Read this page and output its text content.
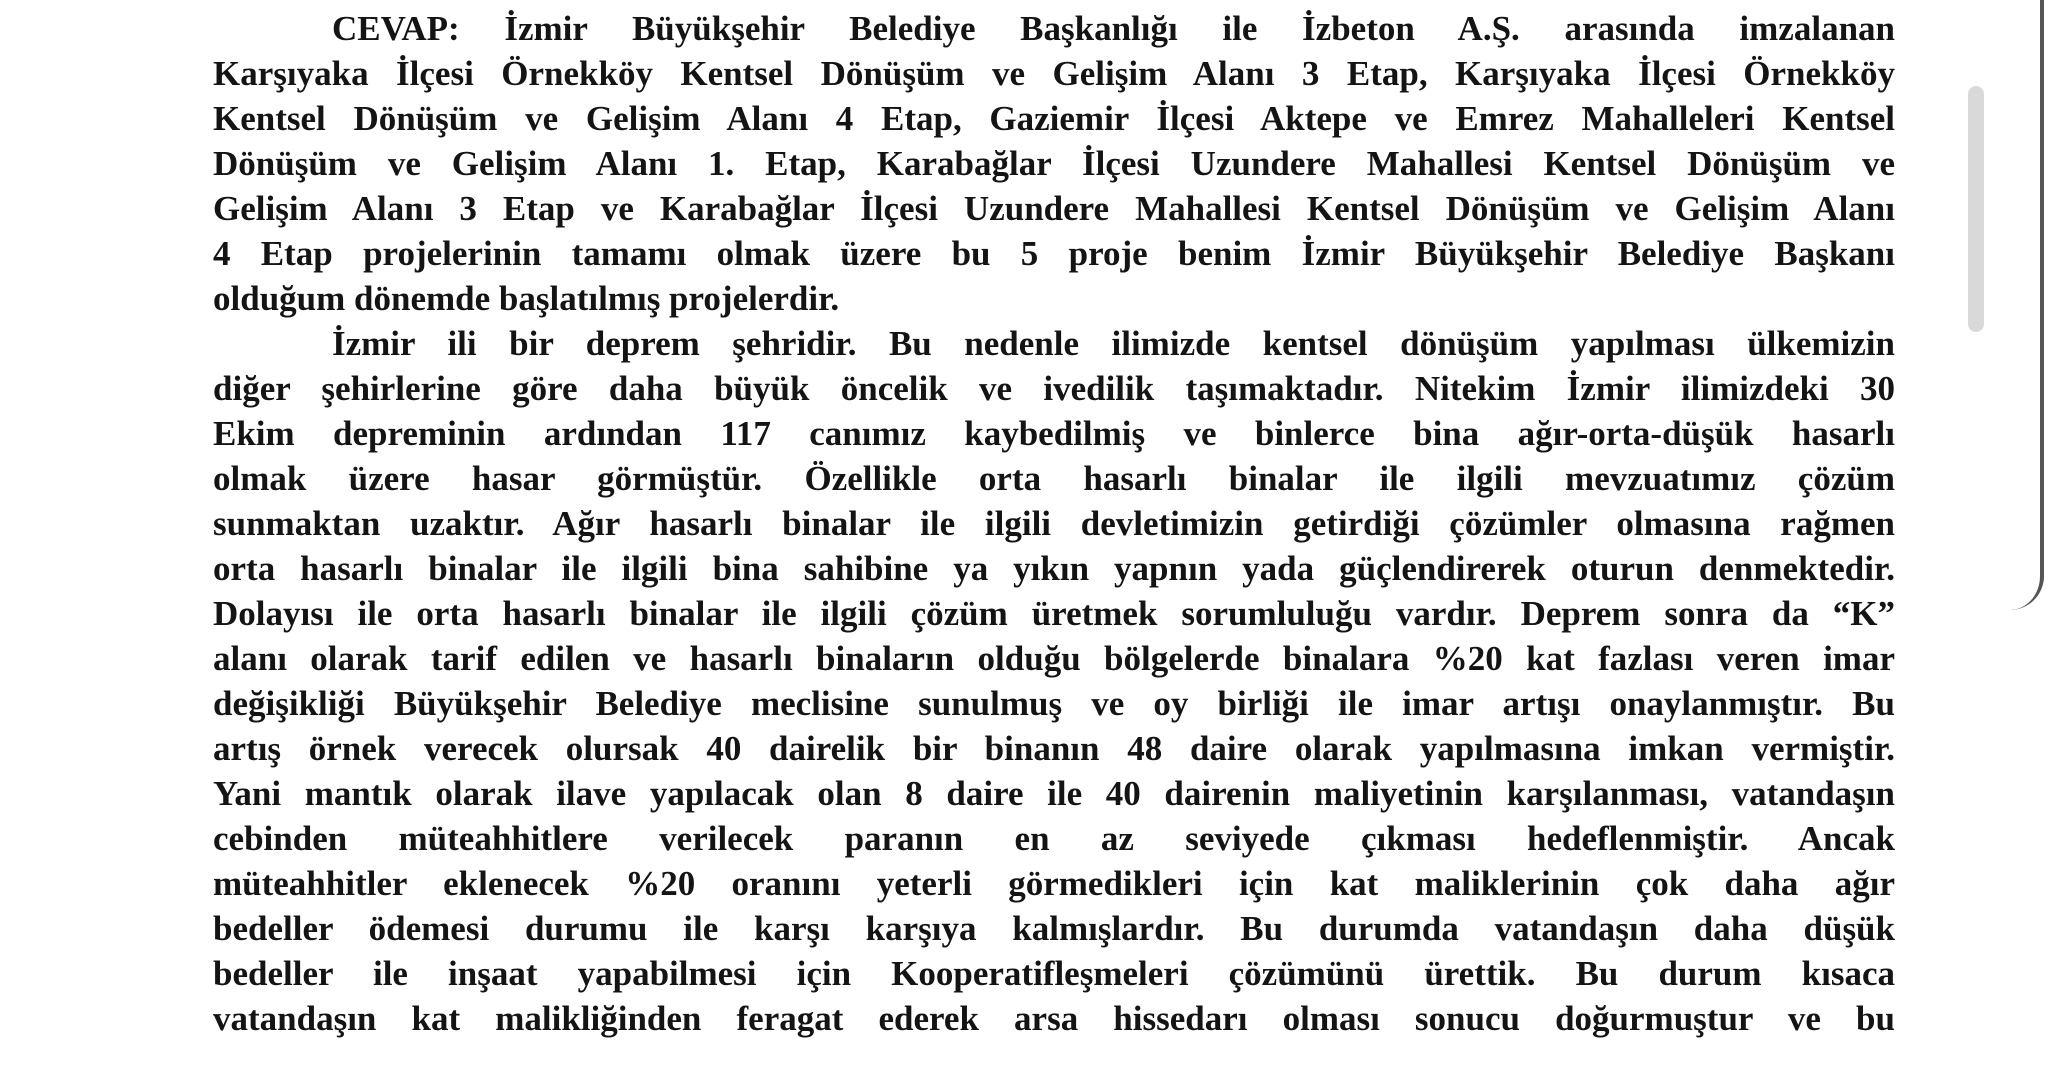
CEVAP: İzmir Büyükşehir Belediye Başkanlığı ile İzbeton A.Ş. arasında imzalanan
Karşıyaka İlçesi Örnekköy Kentsel Dönüşüm ve Gelişim Alanı 3 Etap, Karşıyaka İlçesi Örnekköy
Kentsel Dönüşüm ve Gelişim Alanı 4 Etap, Gaziemir İlçesi Aktepe ve Emrez Mahalleleri Kentsel
Dönüşüm ve Gelişim Alanı 1. Etap, Karabağlar İlçesi Uzundere Mahallesi Kentsel Dönüşüm ve
Gelişim Alanı 3 Etap ve Karabağlar İlçesi Uzundere Mahallesi Kentsel Dönüşüm ve Gelişim Alanı
4 Etap projelerinin tamamı olmak üzere bu 5 proje benim İzmir Büyükşehir Belediye Başkanı
olduğum dönemde başlatılmış projelerdir.
İzmir ili bir deprem şehridir. Bu nedenle ilimizde kentsel dönüşüm yapılması ülkemizin
diğer şehirlerine göre daha büyük öncelik ve ivedilik taşımaktadır. Nitekim İzmir ilimizdeki 30
Ekim depreminin ardından 117 canımız kaybedilmiş ve binlerce bina ağır-orta-düşük hasarlı
olmak üzere hasar görmüştür. Özellikle orta hasarlı binalar ile ilgili mevzuatımız çözüm
sunmaktan uzaktır. Ağır hasarlı binalar ile ilgili devletimizin getirdiği çözümler olmasına rağmen
orta hasarlı binalar ile ilgili bina sahibine ya yıkın yapnın yada güçlendirerek oturun denmektedir.
Dolayısı ile orta hasarlı binalar ile ilgili çözüm üretmek sorumluluğu vardır. Deprem sonra da “K”
alanı olarak tarif edilen ve hasarlı binaların olduğu bölgelerde binalara %20 kat fazlası veren imar
değişikliği Büyükşehir Belediye meclisine sunulmuş ve oy birliği ile imar artışı onaylanmıştır. Bu
artış örnek verecek olursak 40 dairelik bir binanın 48 daire olarak yapılmasına imkan vermiştir.
Yani mantık olarak ilave yapılacak olan 8 daire ile 40 dairenin maliyetinin karşılanması, vatandaşın
cebinden müteahhitlere verilecek paranın en az seviyede çıkması hedeflenmiştir. Ancak
müteahhitler eklenecek %20 oranını yeterli görmedikleri için kat maliklerinin çok daha ağır
bedeller ödemesi durumu ile karşı karşıya kalmışlardır. Bu durumda vatandaşın daha düşük
bedeller ile inşaat yapabilmesi için Kooperatifleşmeleri çözümünü ürettik. Bu durum kısaca
vatandaşın kat malikliğinden feragat ederek arsa hissedarı olması sonucu doğurmuştur ve bu
